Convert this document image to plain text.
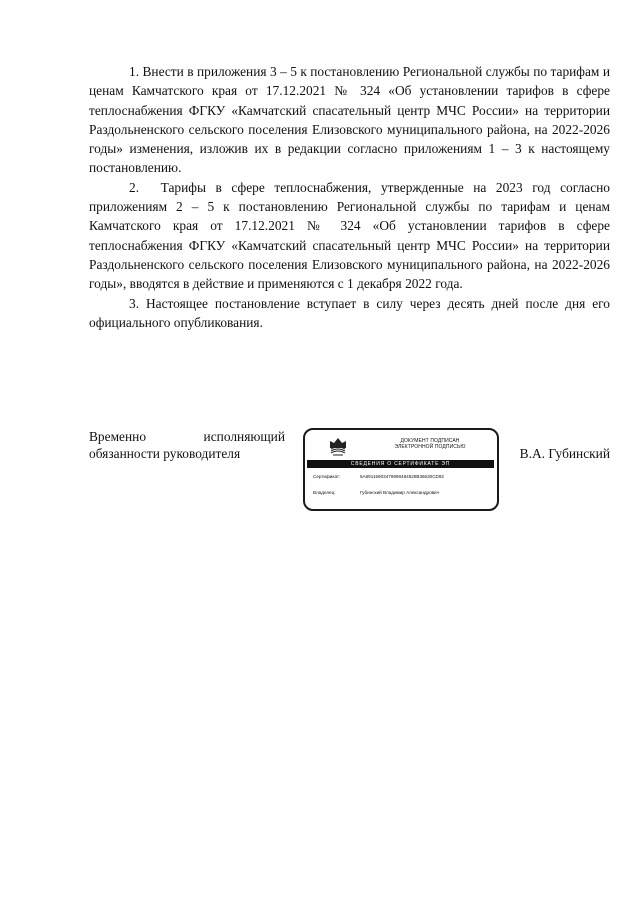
1. Внести в приложения 3 – 5 к постановлению Региональной службы по тарифам и ценам Камчатского края от 17.12.2021 № 324 «Об установлении тарифов в сфере теплоснабжения ФГКУ «Камчатский спасательный центр МЧС России» на территории Раздольненского сельского поселения Елизовского муниципального района, на 2022-2026 годы» изменения, изложив их в редакции согласно приложениям 1 – 3 к настоящему постановлению.

2. Тарифы в сфере теплоснабжения, утвержденные на 2023 год согласно приложениям 2 – 5 к постановлению Региональной службы по тарифам и ценам Камчатского края от 17.12.2021 № 324 «Об установлении тарифов в сфере теплоснабжения ФГКУ «Камчатский спасательный центр МЧС России» на территории Раздольненского сельского поселения Елизовского муниципального района, на 2022-2026 годы», вводятся в действие и применяются с 1 декабря 2022 года.

3. Настоящее постановление вступает в силу через десять дней после дня его официального опубликования.

Временно	исполняющий
обязанности руководителя
ДОКУМЕНТ ПОДПИСАН
ЭЛЕКТРОННОЙ ПОДПИСЬЮ
СВЕДЕНИЯ О СЕРТИФИКАТЕ ЭП
Сертификат:	5A69115903478998484828B36630CD92
Владелец:	Губинский Владимир Александрович
В.А. Губинский
